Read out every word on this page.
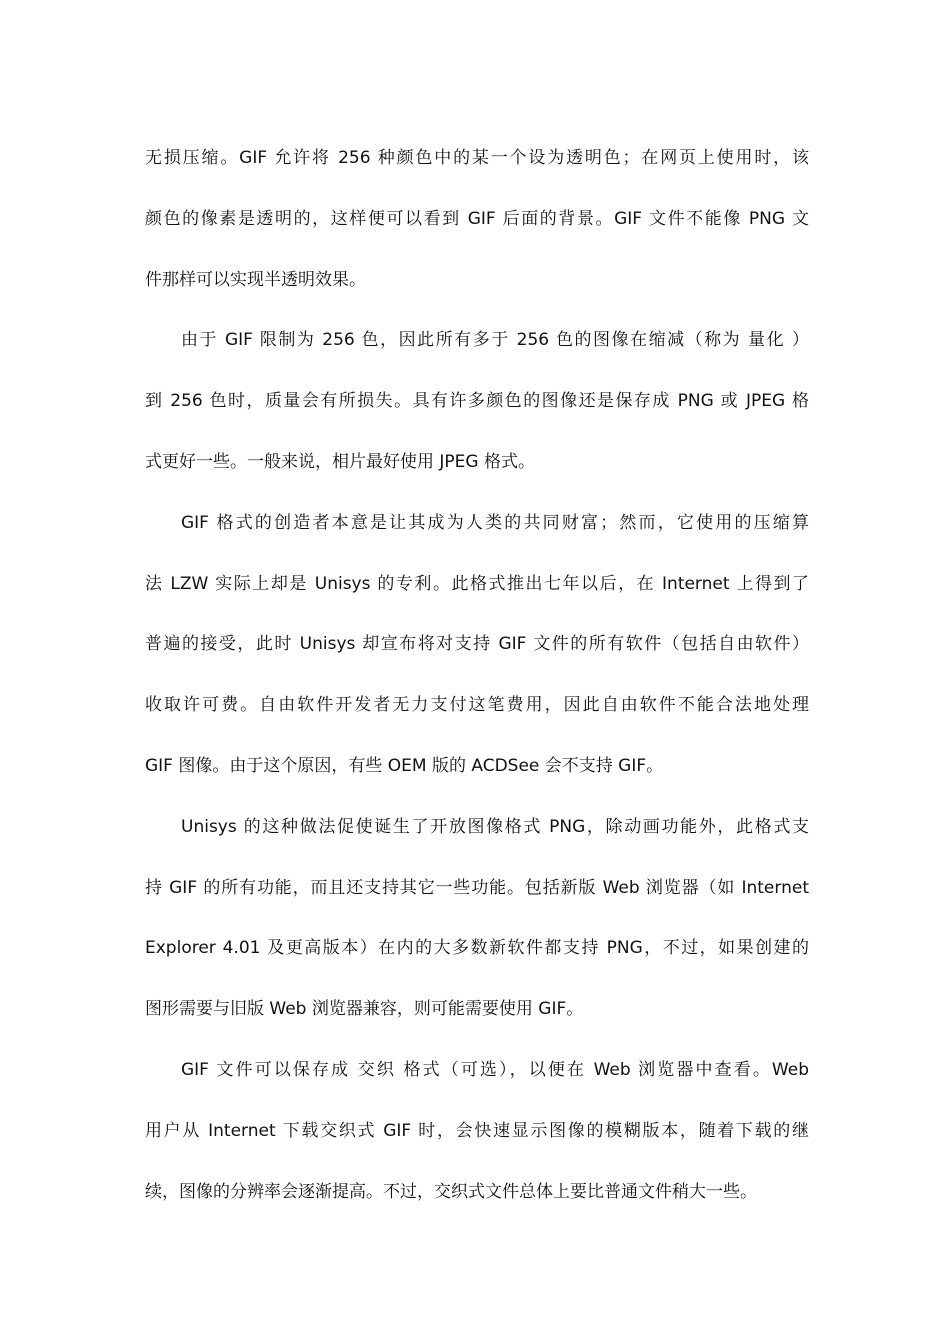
无损压缩。GIF 允许将 256 种颜色中的某一个设为透明色；在网页上使用时，该
颜色的像素是透明的，这样便可以看到 GIF 后面的背景。GIF 文件不能像 PNG 文
件那样可以实现半透明效果。
由于 GIF 限制为 256 色，因此所有多于 256 色的图像在缩减（称为 量化 ）
到 256 色时，质量会有所损失。具有许多颜色的图像还是保存成 PNG 或 JPEG 格
式更好一些。一般来说，相片最好使用 JPEG 格式。
GIF 格式的创造者本意是让其成为人类的共同财富；然而，它使用的压缩算
法 LZW 实际上却是 Unisys 的专利。此格式推出七年以后，在 Internet 上得到了
普遍的接受，此时 Unisys 却宣布将对支持 GIF 文件的所有软件（包括自由软件）
收取许可费。自由软件开发者无力支付这笔费用，因此自由软件不能合法地处理
GIF 图像。由于这个原因，有些 OEM 版的 ACDSee 会不支持 GIF。
Unisys 的这种做法促使诞生了开放图像格式 PNG，除动画功能外，此格式支
持 GIF 的所有功能，而且还支持其它一些功能。包括新版 Web 浏览器（如 Internet
Explorer 4.01 及更高版本）在内的大多数新软件都支持 PNG，不过，如果创建的
图形需要与旧版 Web 浏览器兼容，则可能需要使用 GIF。
GIF 文件可以保存成 交织 格式（可选），以便在 Web 浏览器中查看。Web
用户从 Internet 下载交织式 GIF 时，会快速显示图像的模糊版本，随着下载的继
续，图像的分辨率会逐渐提高。不过，交织式文件总体上要比普通文件稍大一些。
